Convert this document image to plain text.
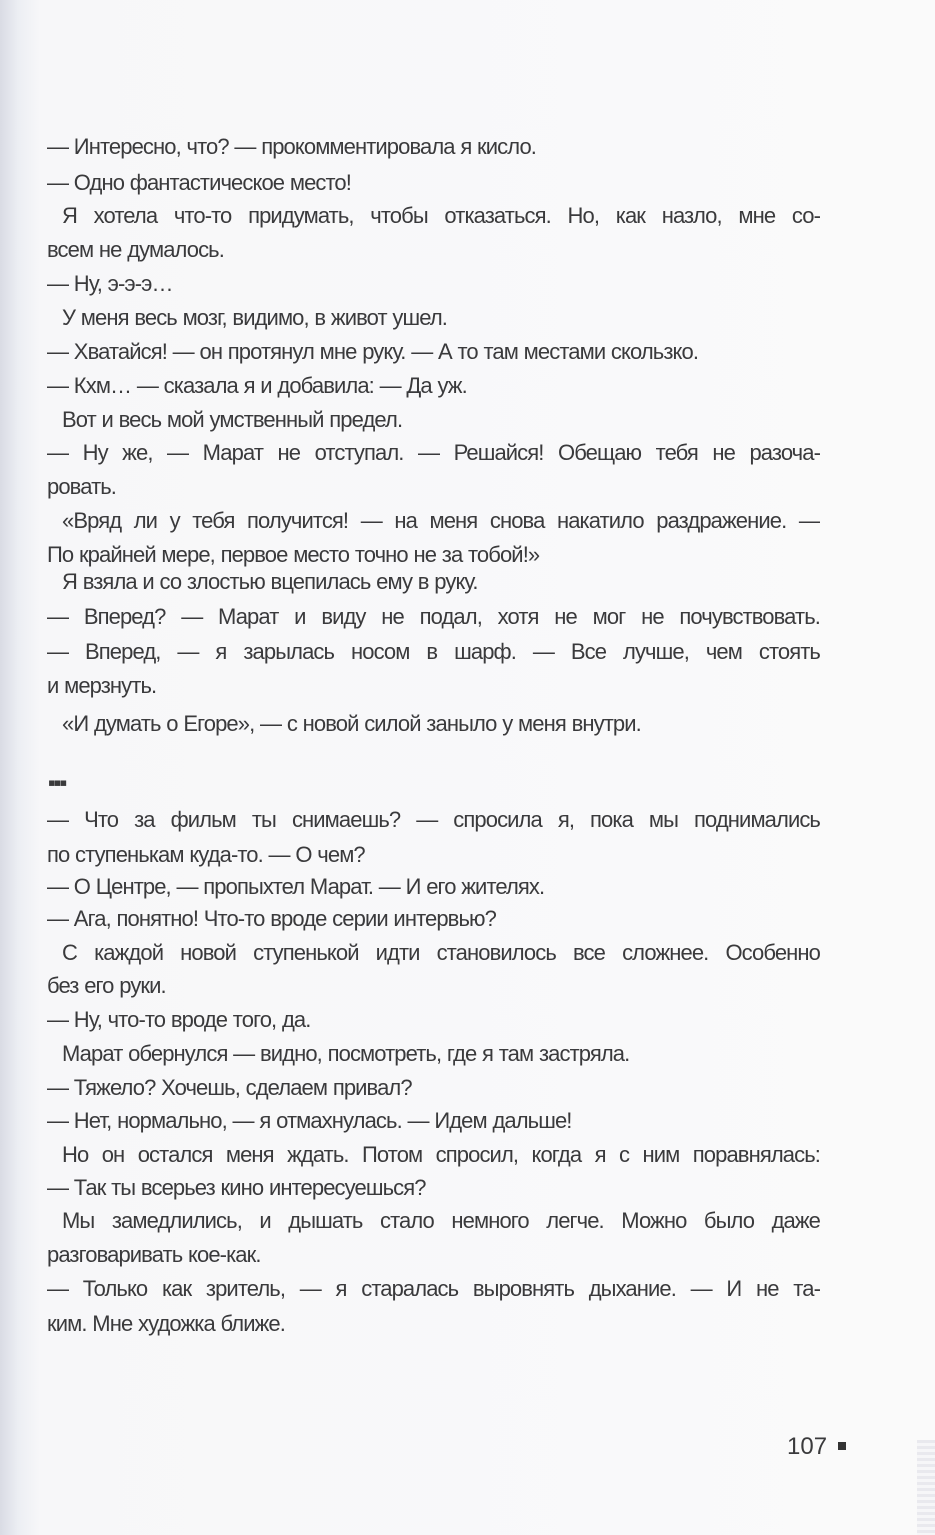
— Интересно, что? — прокомментировала я кисло.
— Одно фантастическое место!
Я хотела что-то придумать, чтобы отказаться. Но, как назло, мне со-
всем не думалось.
— Ну, э-э-э…
У меня весь мозг, видимо, в живот ушел.
— Хватайся! — он протянул мне руку. — А то там местами скользко.
— Кхм… — сказала я и добавила: — Да уж.
Вот и весь мой умственный предел.
— Ну же, — Марат не отступал. — Решайся! Обещаю тебя не разоча-
ровать.
«Вряд ли у тебя получится! — на меня снова накатило раздражение. —
По крайней мере, первое место точно не за тобой!»
Я взяла и со злостью вцепилась ему в руку.
— Вперед? — Марат и виду не подал, хотя не мог не почувствовать.
— Вперед, — я зарылась носом в шарф. — Все лучше, чем стоять
и мерзнуть.
«И думать о Егоре», — с новой силой заныло у меня внутри.
— Что за фильм ты снимаешь? — спросила я, пока мы поднимались
по ступенькам куда-то. — О чем?
— О Центре, — пропыхтел Марат. — И его жителях.
— Ага, понятно! Что-то вроде серии интервью?
С каждой новой ступенькой идти становилось все сложнее. Особенно
без его руки.
— Ну, что-то вроде того, да.
Марат обернулся — видно, посмотреть, где я там застряла.
— Тяжело? Хочешь, сделаем привал?
— Нет, нормально, — я отмахнулась. — Идем дальше!
Но он остался меня ждать. Потом спросил, когда я с ним поравнялась:
— Так ты всерьез кино интересуешься?
Мы замедлились, и дышать стало немного легче. Можно было даже
разговаривать кое-как.
— Только как зритель, — я старалась выровнять дыхание. — И не та-
ким. Мне художка ближе.
▪▪▪
107
